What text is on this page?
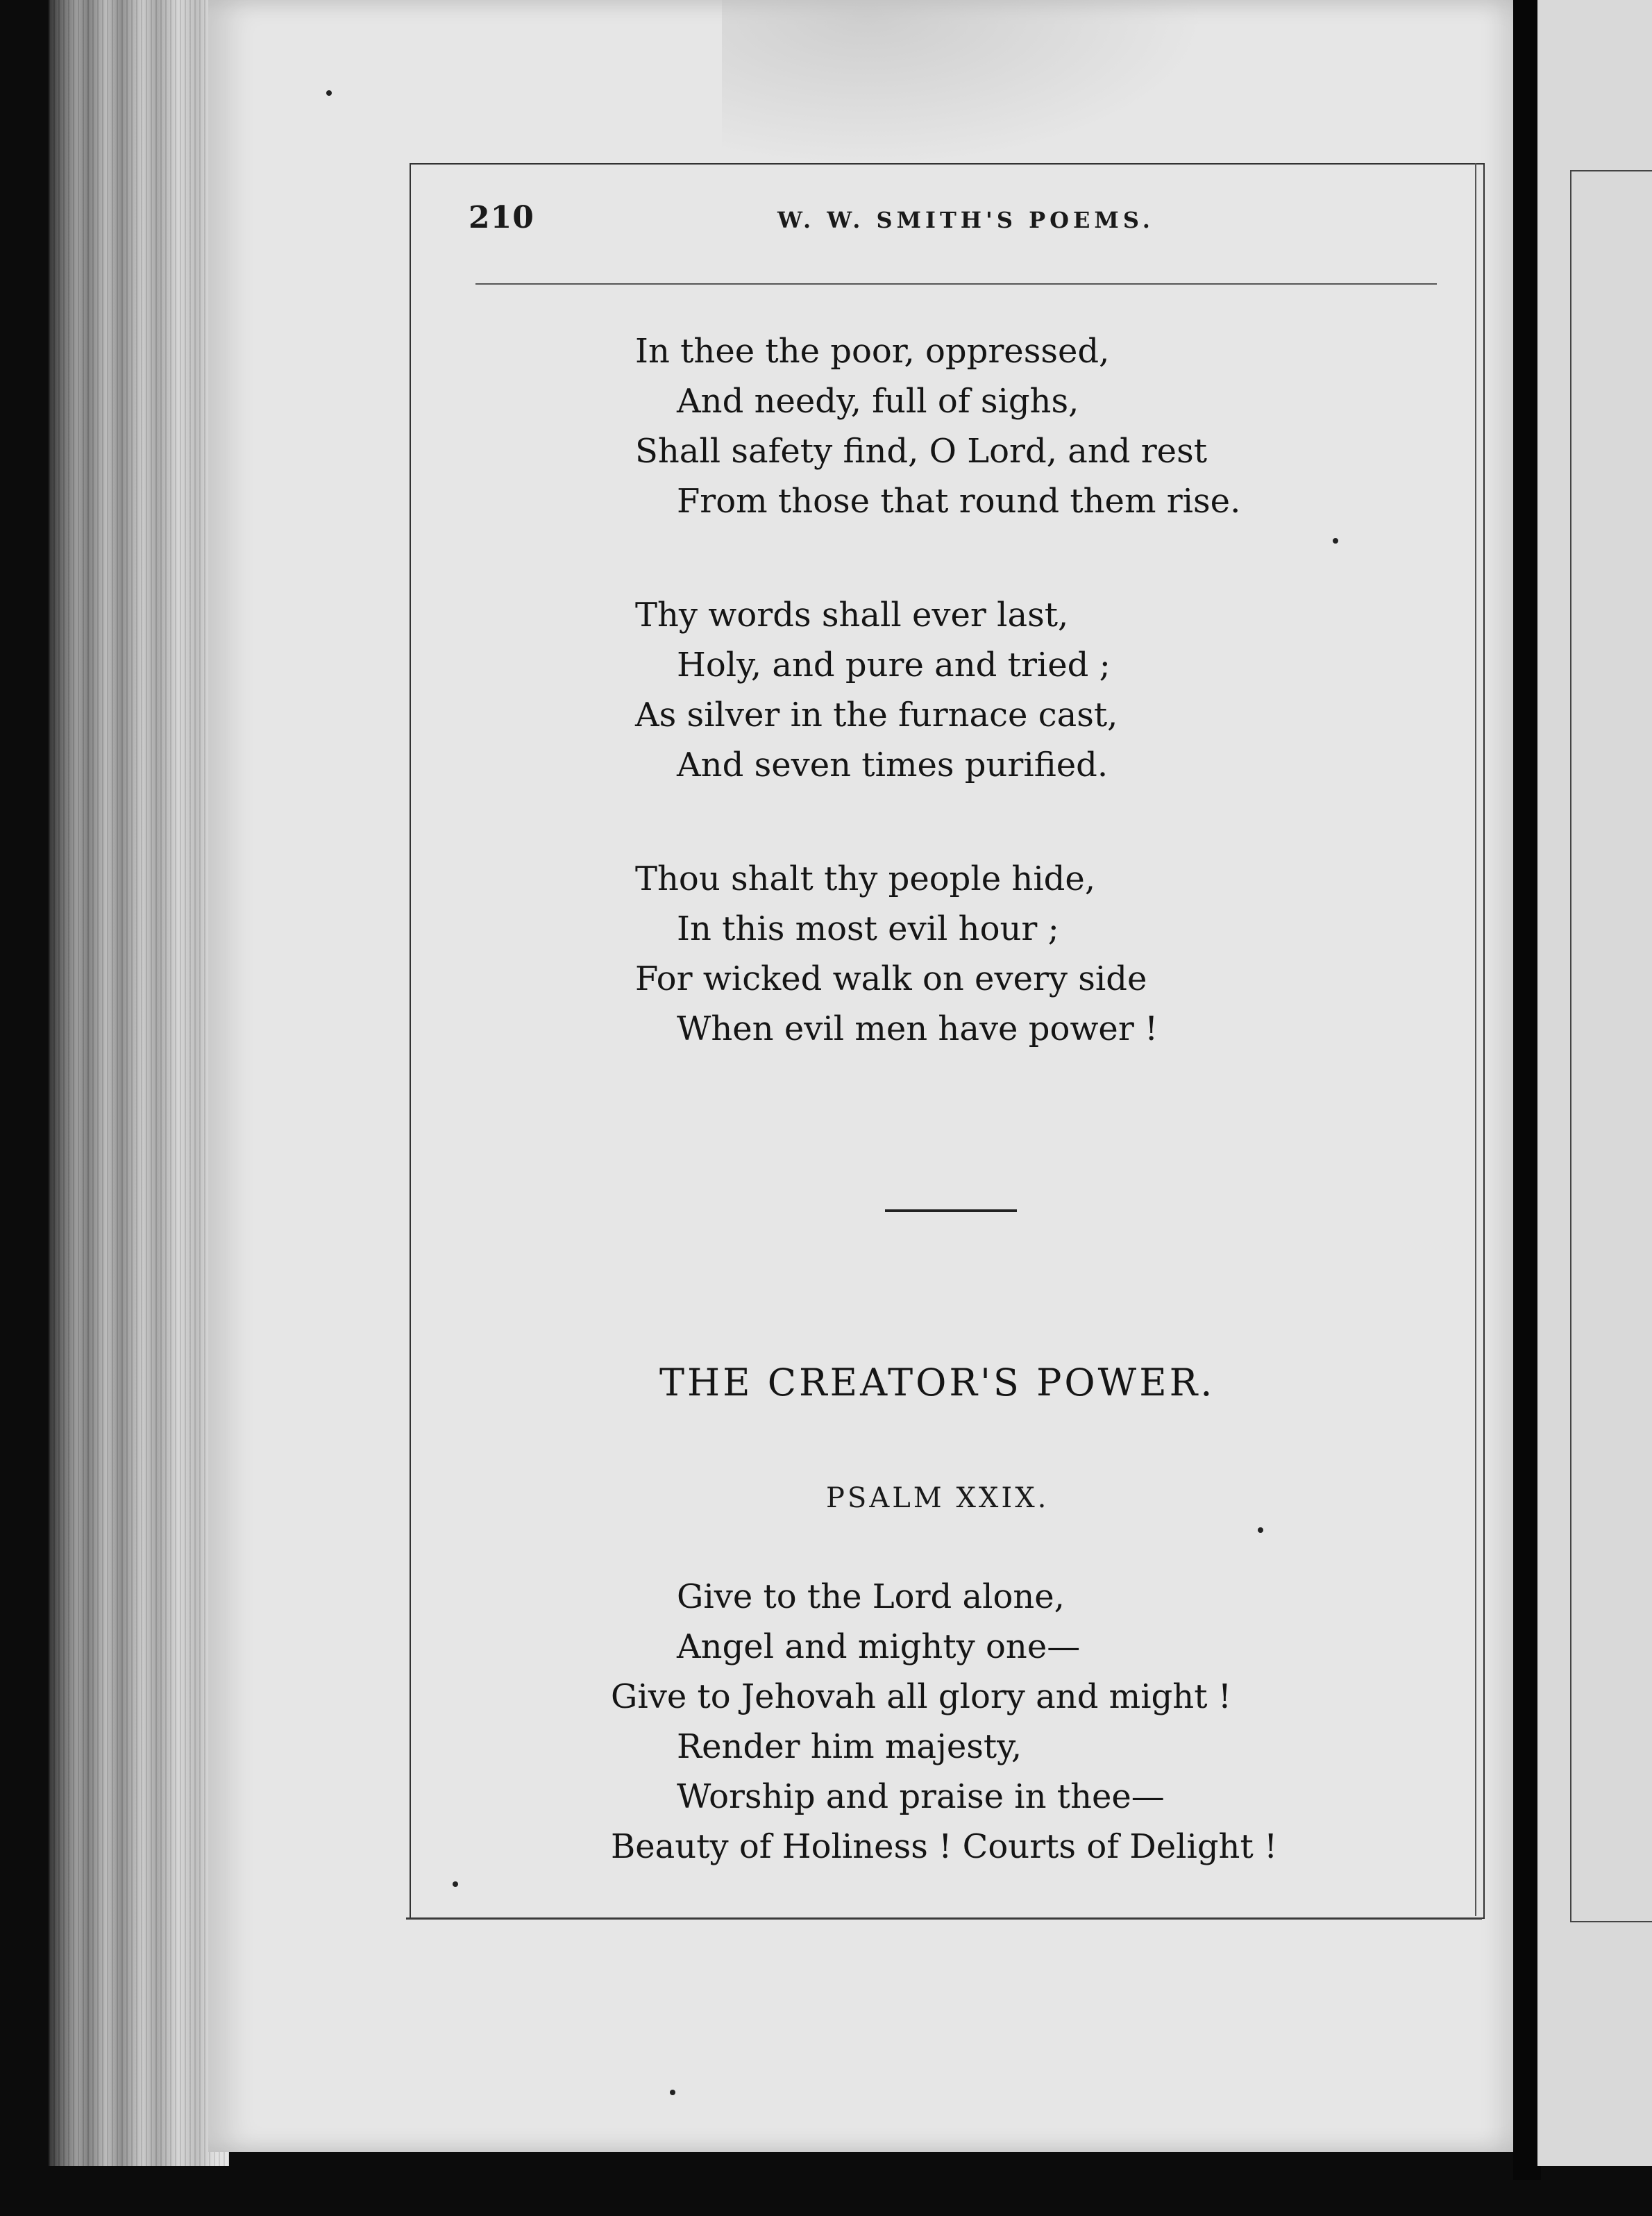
210	W. W. SMITH'S POEMS.
In thee the poor, oppressed,
And needy, full of sighs,
Shall safety find, O Lord, and rest
From those that round them rise.
Thy words shall ever last,
Holy, and pure and tried ;
As silver in the furnace cast,
And seven times purified.
Thou shalt thy people hide,
In this most evil hour ;
For wicked walk on every side
When evil men have power !
THE CREATOR'S POWER.
PSALM XXIX.
Give to the Lord alone,
Angel and mighty one—
Give to Jehovah all glory and might !
Render him majesty,
Worship and praise in thee—
Beauty of Holiness ! Courts of Delight !
